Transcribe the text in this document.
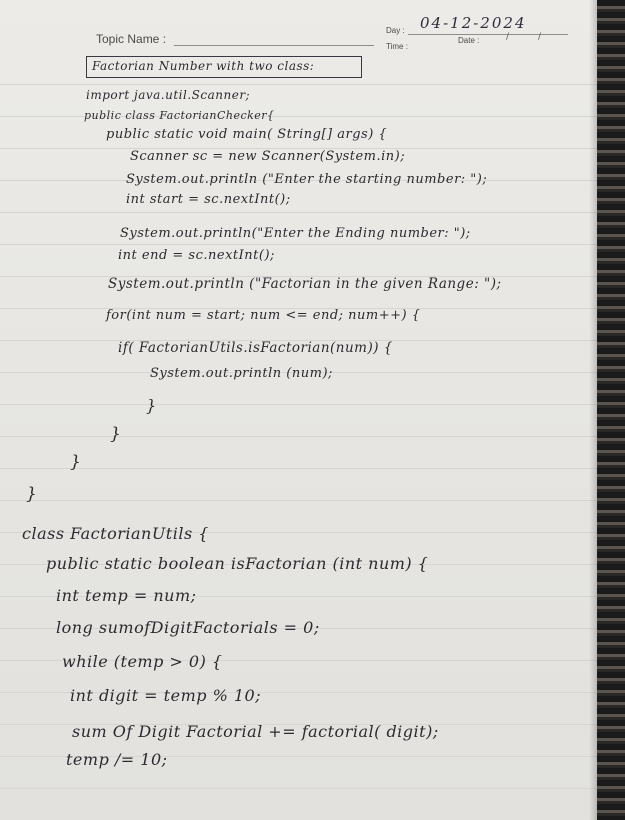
Topic Name :
Day :
Time :
Date :
04-12-2024
/	/
Factorian Number with two class:
import java.util.Scanner;
public class FactorianChecker{
public static void main( String[] args) {
Scanner sc = new Scanner(System.in);
System.out.println ("Enter the starting number: ");
int start = sc.nextInt();
System.out.println("Enter the Ending number: ");
int end = sc.nextInt();
System.out.println ("Factorian in the given Range: ");
for(int num = start; num <= end; num++) {
if( FactorianUtils.isFactorian(num)) {
System.out.println (num);
}
}
}
}
class FactorianUtils {
public static boolean isFactorian (int num) {
int temp = num;
long sumofDigitFactorials = 0;
while (temp > 0) {
int digit = temp % 10;
sum Of Digit Factorial += factorial( digit);
temp /= 10;
